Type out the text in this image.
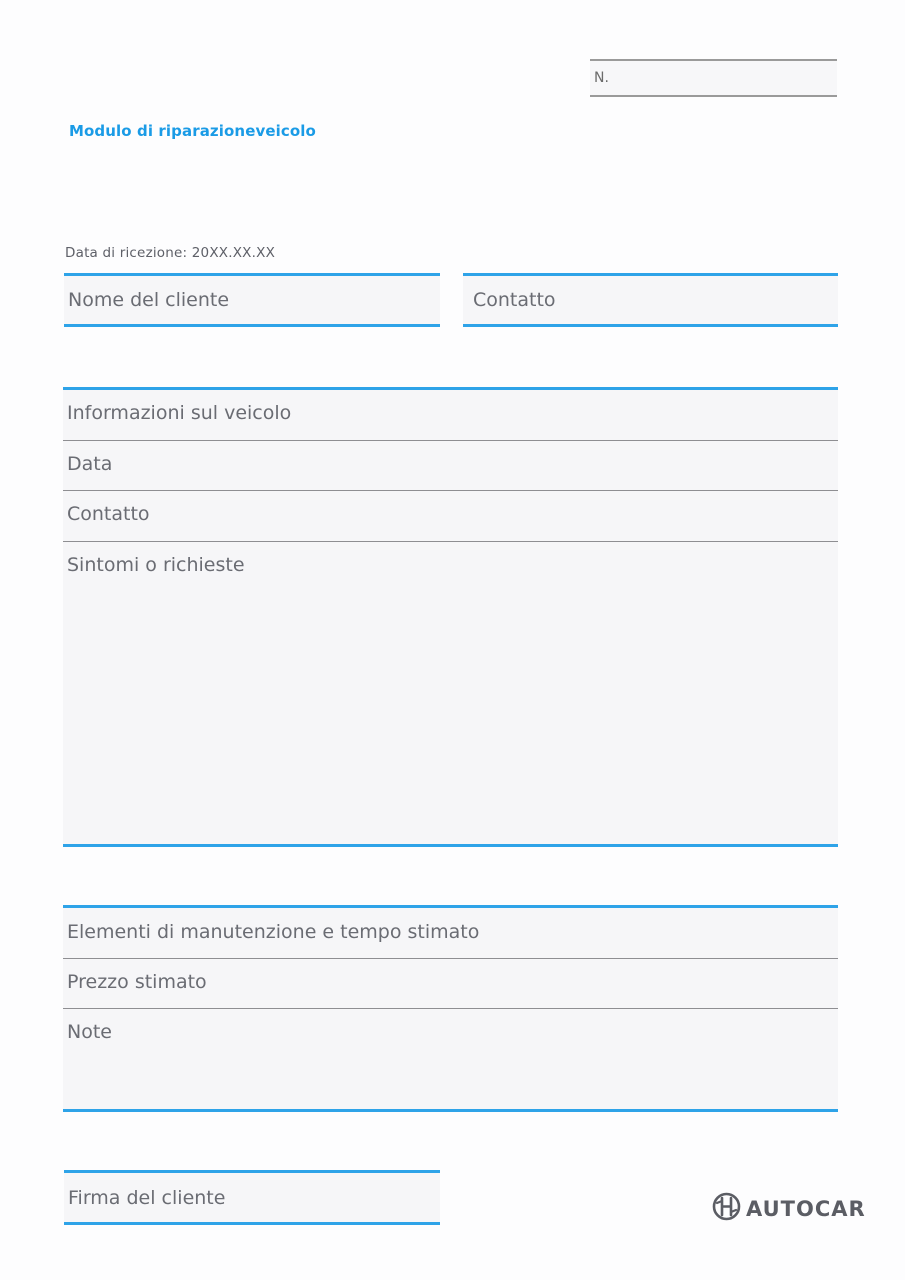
N.
Modulo di riparazioneveicolo
Data di ricezione: 20XX.XX.XX
Nome del cliente	Contatto
Informazioni sul veicolo
Data
Contatto
Sintomi o richieste
Elementi di manutenzione e tempo stimato
Prezzo stimato
Note
Firma del cliente	AUTOCAR
